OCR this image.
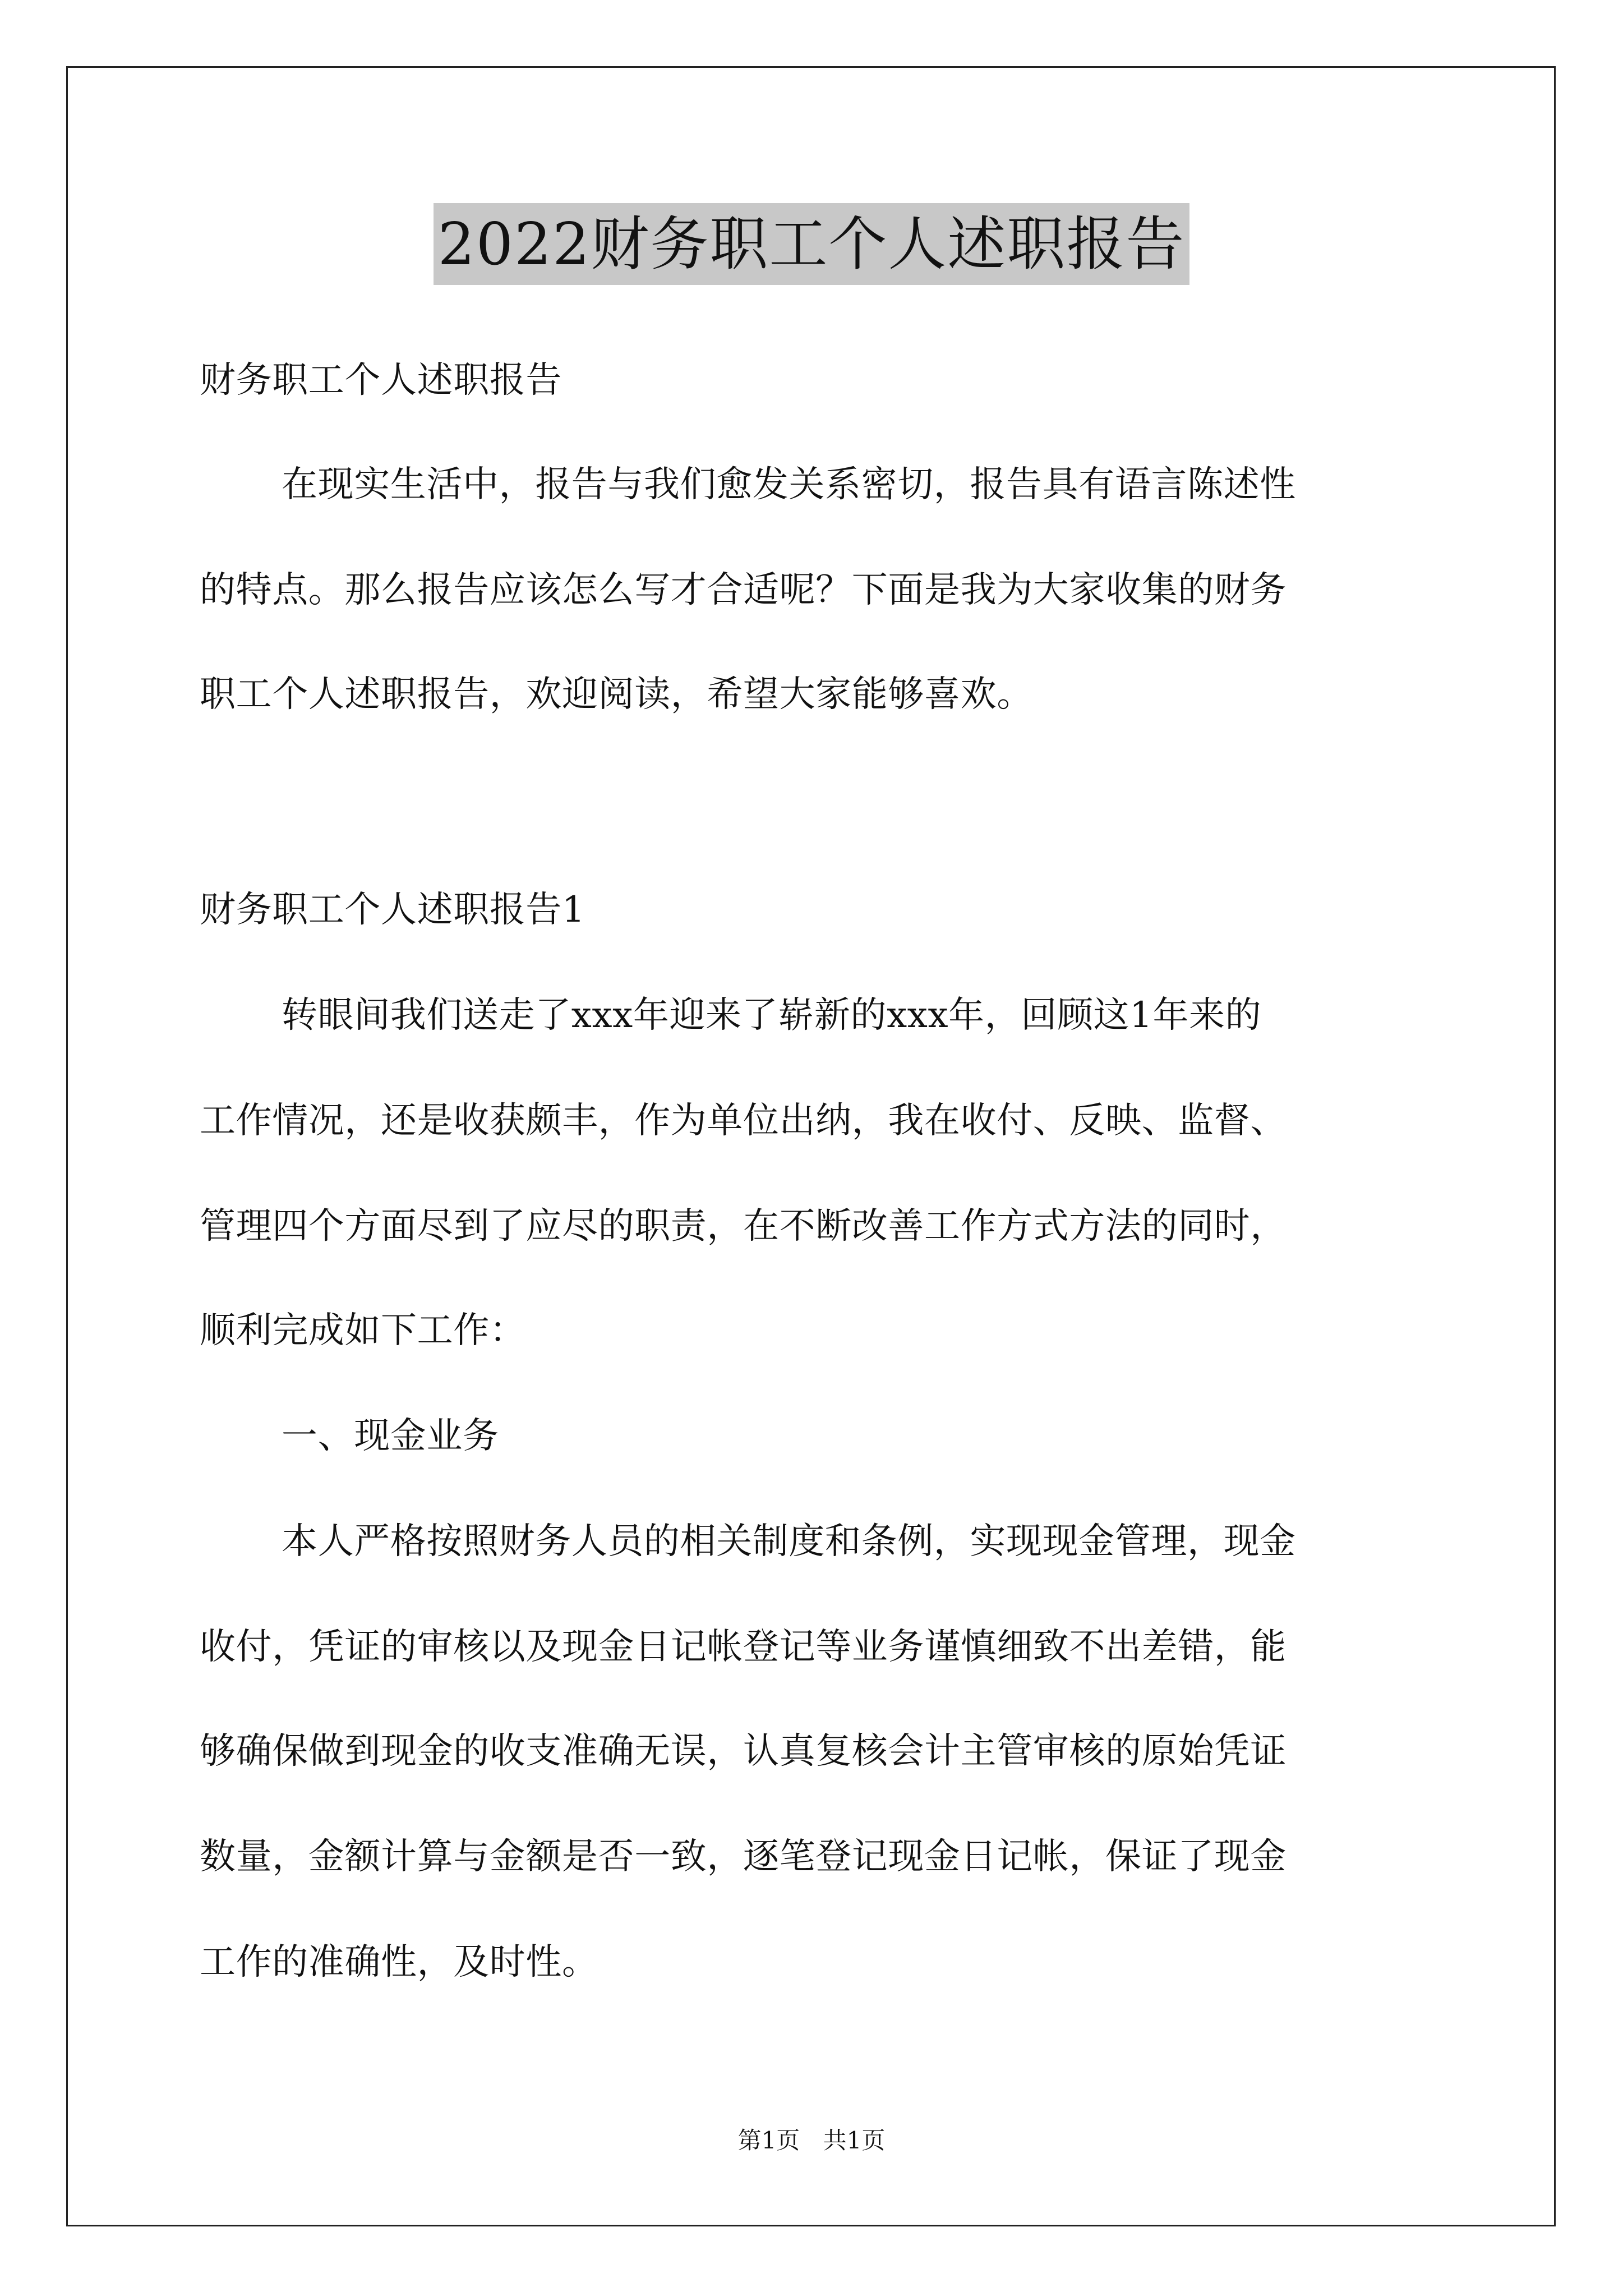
2022财务职工个人述职报告
财务职工个人述职报告
在现实生活中，报告与我们愈发关系密切，报告具有语言陈述性
的特点。那么报告应该怎么写才合适呢？下面是我为大家收集的财务
职工个人述职报告，欢迎阅读，希望大家能够喜欢。
财务职工个人述职报告1
转眼间我们送走了xxx年迎来了崭新的xxx年，回顾这1年来的
工作情况，还是收获颇丰，作为单位出纳，我在收付、反映、监督、
管理四个方面尽到了应尽的职责，在不断改善工作方式方法的同时，
顺利完成如下工作：
一、现金业务
本人严格按照财务人员的相关制度和条例，实现现金管理，现金
收付，凭证的审核以及现金日记帐登记等业务谨慎细致不出差错，能
够确保做到现金的收支准确无误，认真复核会计主管审核的原始凭证
数量，金额计算与金额是否一致，逐笔登记现金日记帐，保证了现金
工作的准确性，及时性。
第1页 共1页
